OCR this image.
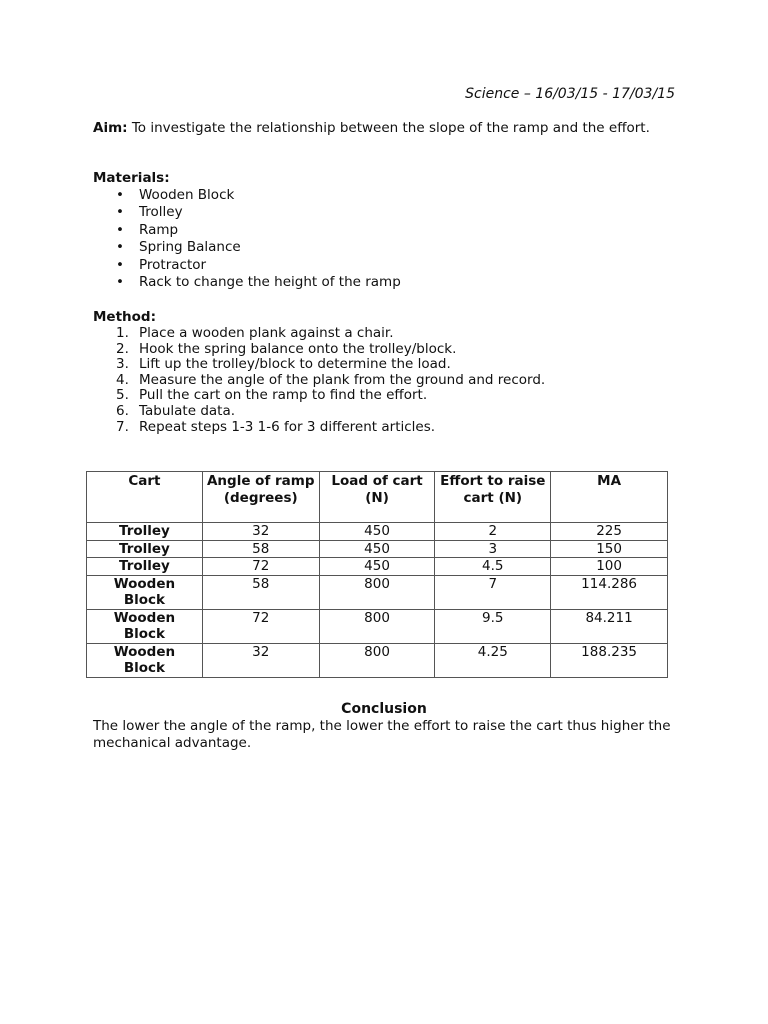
Science – 16/03/15 - 17/03/15
Aim: To investigate the relationship between the slope of the ramp and the effort.
Materials:
• Wooden Block
• Trolley
• Ramp
• Spring Balance
• Protractor
• Rack to change the height of the ramp
Method:
1. Place a wooden plank against a chair.
2. Hook the spring balance onto the trolley/block.
3. Lift up the trolley/block to determine the load.
4. Measure the angle of the plank from the ground and record.
5. Pull the cart on the ramp to find the effort.
6. Tabulate data.
7. Repeat steps 1-3 1-6 for 3 different articles.
Cart	Angle of ramp (degrees)	Load of cart (N)	Effort to raise cart (N)	MA
Trolley	32	450	2	225
Trolley	58	450	3	150
Trolley	72	450	4.5	100
Wooden Block	58	800	7	114.286
Wooden Block	72	800	9.5	84.211
Wooden Block	32	800	4.25	188.235
Conclusion
The lower the angle of the ramp, the lower the effort to raise the cart thus higher the mechanical advantage.
